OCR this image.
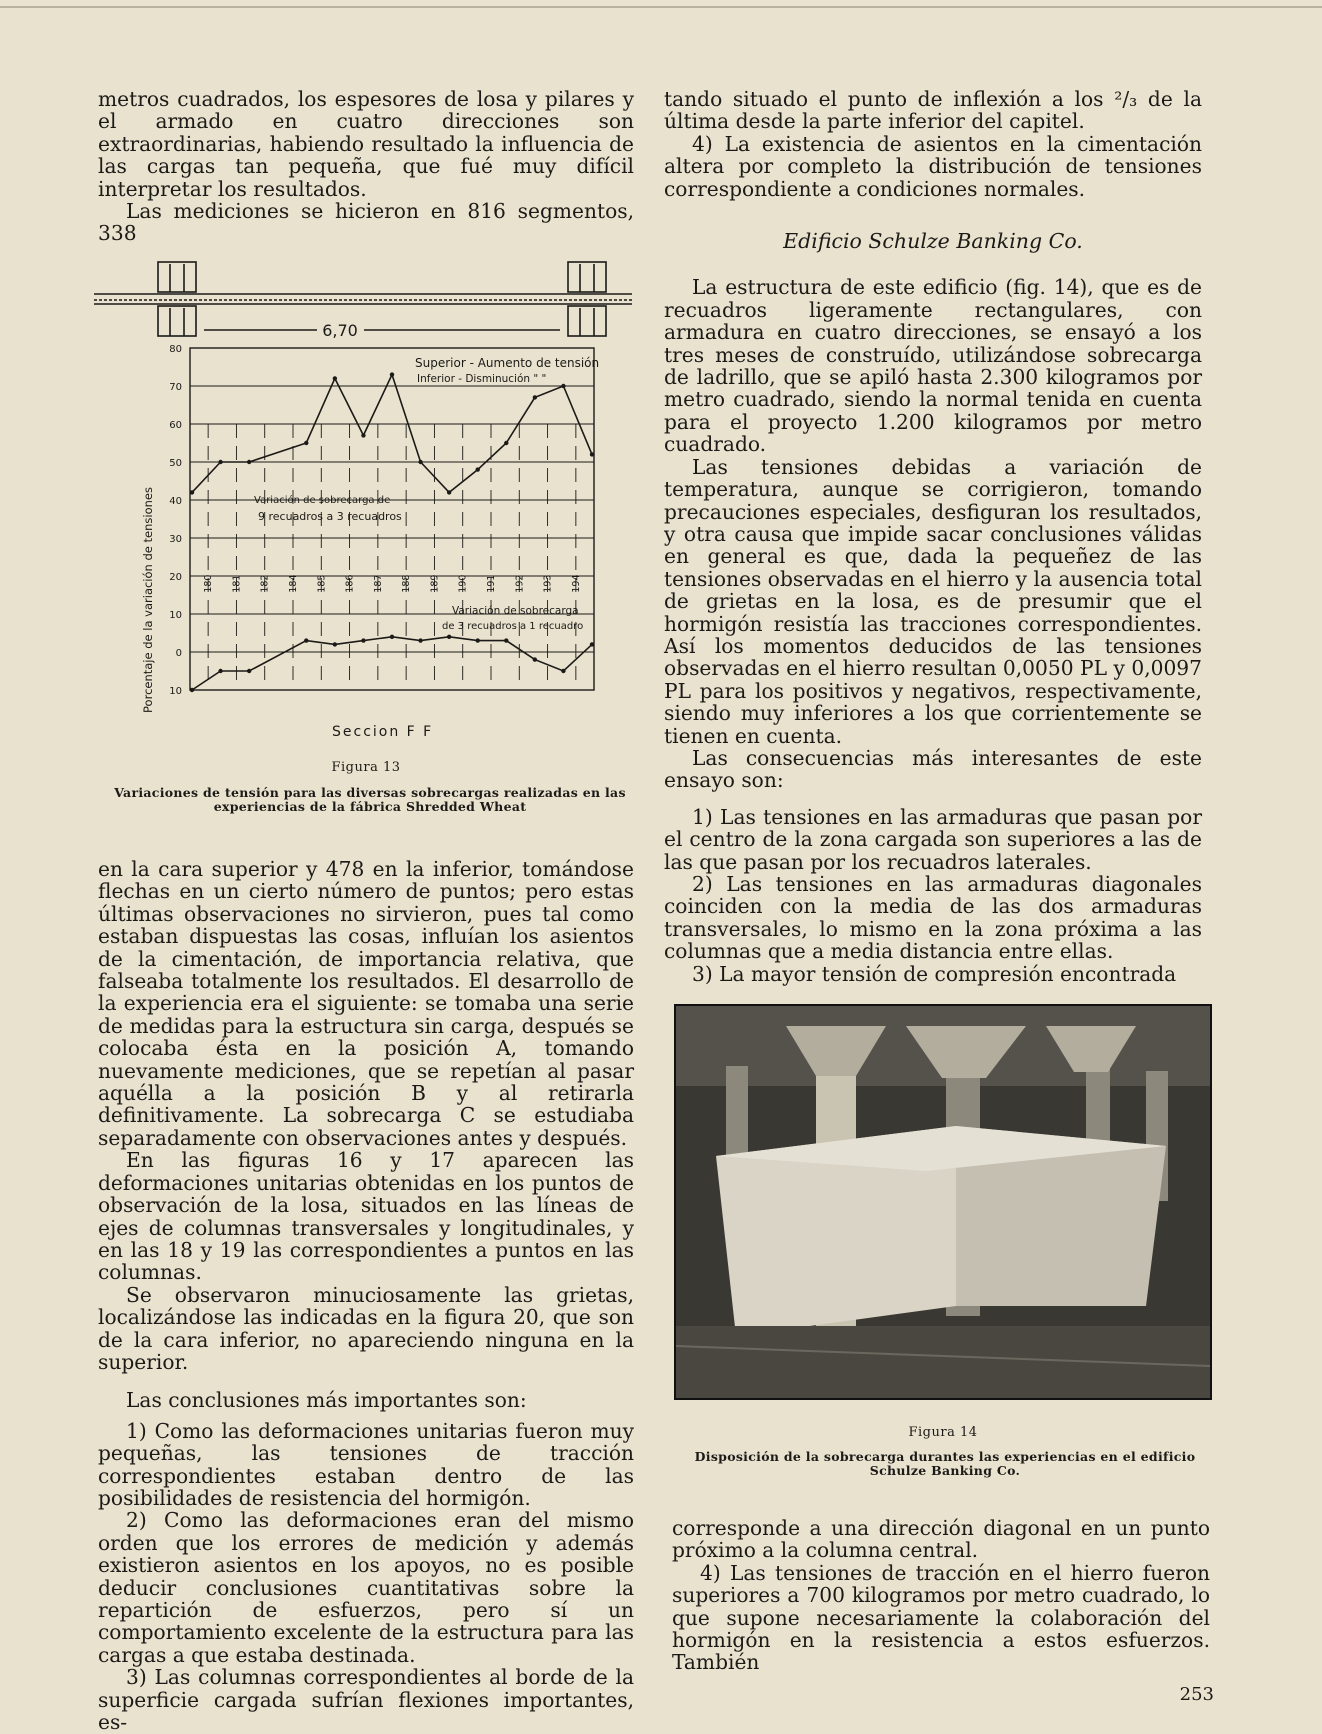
metros cuadrados, los espesores de losa y pilares y el armado en cuatro direcciones son extraordinarias, habiendo resultado la influencia de las cargas tan pequeña, que fué muy difícil interpretar los resultados.

Las mediciones se hicieron en 816 segmentos, 338

6,70
Porcentaje de la variación de tensiones
80
70
60
50
40
30
20
10
0
10
180 181 182 184 185 186 187 188 189 190 191 192 193 194
Superior - Aumento de tensión
Inferior - Disminución " "
Variación de sobrecarga de
9 recuadros a 3 recuadros
Variación de sobrecarga
de 3 recuadros a 1 recuadro
Seccion F F
Figura 13
Variaciones de tensión para las diversas sobrecargas realizadas en las experiencias de la fábrica Shredded Wheat

en la cara superior y 478 en la inferior, tomándose flechas en un cierto número de puntos; pero estas últimas observaciones no sirvieron, pues tal como estaban dispuestas las cosas, influían los asientos de la cimentación, de importancia relativa, que falseaba totalmente los resultados. El desarrollo de la experiencia era el siguiente: se tomaba una serie de medidas para la estructura sin carga, después se colocaba ésta en la posición A, tomando nuevamente mediciones, que se repetían al pasar aquélla a la posición B y al retirarla definitivamente. La sobrecarga C se estudiaba separadamente con observaciones antes y después.

En las figuras 16 y 17 aparecen las deformaciones unitarias obtenidas en los puntos de observación de la losa, situados en las líneas de ejes de columnas transversales y longitudinales, y en las 18 y 19 las correspondientes a puntos en las columnas.

Se observaron minuciosamente las grietas, localizándose las indicadas en la figura 20, que son de la cara inferior, no apareciendo ninguna en la superior.

Las conclusiones más importantes son:

1) Como las deformaciones unitarias fueron muy pequeñas, las tensiones de tracción correspondientes estaban dentro de las posibilidades de resistencia del hormigón.

2) Como las deformaciones eran del mismo orden que los errores de medición y además existieron asientos en los apoyos, no es posible deducir conclusiones cuantitativas sobre la repartición de esfuerzos, pero sí un comportamiento excelente de la estructura para las cargas a que estaba destinada.

3) Las columnas correspondientes al borde de la superficie cargada sufrían flexiones importantes, es-

tando situado el punto de inflexión a los ²/₃ de la última desde la parte inferior del capitel.

4) La existencia de asientos en la cimentación altera por completo la distribución de tensiones correspondiente a condiciones normales.

Edificio Schulze Banking Co.

La estructura de este edificio (fig. 14), que es de recuadros ligeramente rectangulares, con armadura en cuatro direcciones, se ensayó a los tres meses de construído, utilizándose sobrecarga de ladrillo, que se apiló hasta 2.300 kilogramos por metro cuadrado, siendo la normal tenida en cuenta para el proyecto 1.200 kilogramos por metro cuadrado.

Las tensiones debidas a variación de temperatura, aunque se corrigieron, tomando precauciones especiales, desfiguran los resultados, y otra causa que impide sacar conclusiones válidas en general es que, dada la pequeñez de las tensiones observadas en el hierro y la ausencia total de grietas en la losa, es de presumir que el hormigón resistía las tracciones correspondientes. Así los momentos deducidos de las tensiones observadas en el hierro resultan 0,0050 PL y 0,0097 PL para los positivos y negativos, respectivamente, siendo muy inferiores a los que corrientemente se tienen en cuenta.

Las consecuencias más interesantes de este ensayo son:

1) Las tensiones en las armaduras que pasan por el centro de la zona cargada son superiores a las de las que pasan por los recuadros laterales.

2) Las tensiones en las armaduras diagonales coinciden con la media de las dos armaduras transversales, lo mismo en la zona próxima a las columnas que a media distancia entre ellas.

3) La mayor tensión de compresión encontrada

Figura 14
Disposición de la sobrecarga durantes las experiencias en el edificio Schulze Banking Co.

corresponde a una dirección diagonal en un punto próximo a la columna central.

4) Las tensiones de tracción en el hierro fueron superiores a 700 kilogramos por metro cuadrado, lo que supone necesariamente la colaboración del hormigón en la resistencia a estos esfuerzos. También

253
